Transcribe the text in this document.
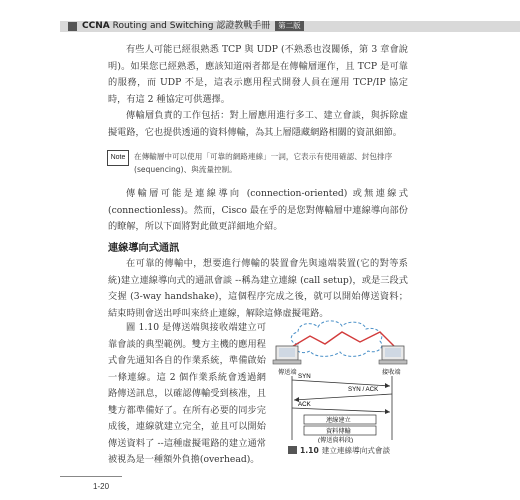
CCNA Routing and Switching 認證教戰手冊 第二版

有些人可能已經很熟悉 TCP 與 UDP (不熟悉也沒關係，第 3 章會說明)。如果您已經熟悉，應該知道兩者都是在傳輸層運作，且 TCP 是可靠的服務，而 UDP 不是，這表示應用程式開發人員在運用 TCP/IP 協定時，有這 2 種協定可供選擇。

傳輸層負責的工作包括：對上層應用進行多工、建立會談，與拆除虛擬電路，它也提供透通的資料傳輸，為其上層隱藏網路相關的資訊細節。

Note	在傳輸層中可以使用「可靠的網路連線」一詞，它表示有使用確認、封包排序 (sequencing)、與流量控制。

傳輸層可能是連線導向 (connection-oriented) 或無連線式 (connectionless)。然而，Cisco 最在乎的是您對傳輸層中連線導向部份的瞭解，所以下面將對此做更詳細地介紹。

連線導向式通訊

在可靠的傳輸中，想要進行傳輸的裝置會先與遠端裝置(它的對等系統)建立連線導向式的通訊會談 --稱為建立連線 (call setup)，或是三段式交握 (3-way handshake)，這個程序完成之後，就可以開始傳送資料；結束時則會送出呼叫來終止連線，解除這條虛擬電路。

圖 1.10 是傳送端與接收端建立可靠會談的典型範例。雙方主機的應用程式會先通知各自的作業系統，準備啟始一條連線。這 2 個作業系統會透過網路傳送訊息，以確認傳輸受到核准，且雙方都準備好了。在所有必要的同步完成後，連線就建立完全，並且可以開始傳送資料了 --這種虛擬電路的建立通常被視為是一種額外負擔(overhead)。

傳送端	接收端
SYN
SYN / ACK
ACK
連線建立
資料傳輸
(傳送資料段)
1.10 建立連線導向式會談
1-20
